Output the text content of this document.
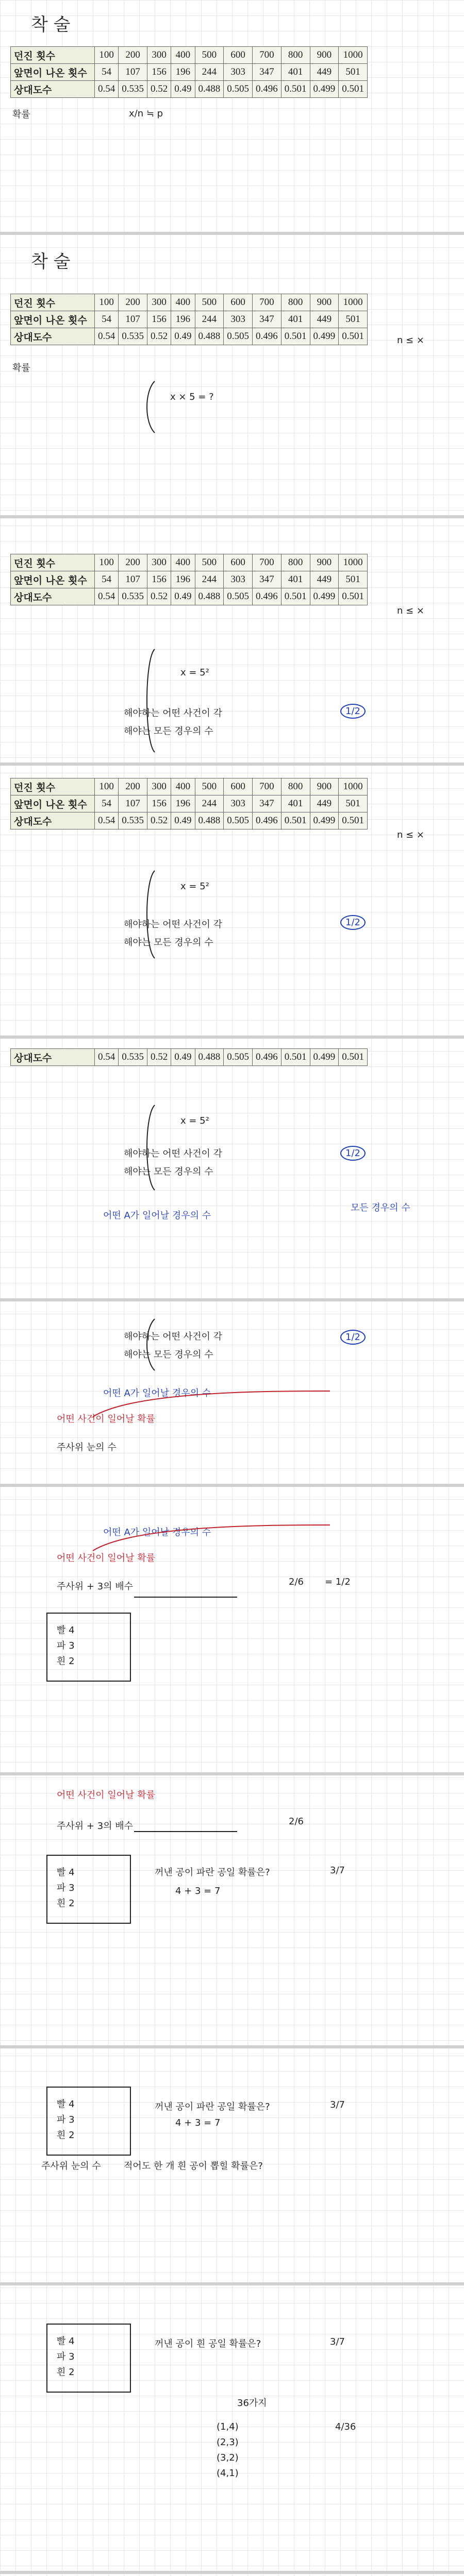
착 술
던진 횟수	100	200	300	400	500	600	700	800	900	1000
앞면이 나온 횟수	54	107	156	196	244	303	347	401	449	501
상대도수	0.54	0.535	0.52	0.49	0.488	0.505	0.496	0.501	0.499	0.501
확률	x/n ≒ p
착 술
던진 횟수	100	200	300	400	500	600	700	800	900	1000
앞면이 나온 횟수	54	107	156	196	244	303	347	401	449	501
상대도수	0.54	0.535	0.52	0.49	0.488	0.505	0.496	0.501	0.499	0.501
확률
x × 5 = ?
n ≤ ×
던진 횟수	100	200	300	400	500	600	700	800	900	1000
앞면이 나온 횟수	54	107	156	196	244	303	347	401	449	501
상대도수	0.54	0.535	0.52	0.49	0.488	0.505	0.496	0.501	0.499	0.501
n ≤ ×
x = 5²
해야하는 어떤 사건이 각
해야는 모든 경우의 수
1/2
던진 횟수	100	200	300	400	500	600	700	800	900	1000
앞면이 나온 횟수	54	107	156	196	244	303	347	401	449	501
상대도수	0.54	0.535	0.52	0.49	0.488	0.505	0.496	0.501	0.499	0.501
n ≤ ×
x = 5²
해야하는 어떤 사건이 각
해야는 모든 경우의 수
1/2
상대도수	0.54	0.535	0.52	0.49	0.488	0.505	0.496	0.501	0.499	0.501
x = 5²
해야하는 어떤 사건이 각
해야는 모든 경우의 수
1/2
어떤 A가 일어날 경우의 수
모든 경우의 수
해야하는 어떤 사건이 각
해야는 모든 경우의 수
1/2
어떤 A가 일어날 경우의 수
어떤 사건이 일어날 확률
주사위 눈의 수
어떤 A가 일어날 경우의 수
어떤 사건이 일어날 확률
주사위 + 3의 배수	2/6 = 1/2
빨 4
파 3
흰 2
어떤 사건이 일어날 확률
주사위 + 3의 배수	2/6
빨 4
파 3
흰 2
꺼낸 공이 파란 공일 확률은?	3/7
4 + 3 = 7
빨 4
파 3
흰 2
꺼낸 공이 파란 공일 확률은?	3/7
4 + 3 = 7
적어도 한 개 흰 공이 뽑힐 확률은?
주사위 눈의 수
빨 4
파 3
흰 2
꺼낸 공이 흰 공일 확률은?	3/7
36가지
(1,4)
(2,3)
(3,2)
(4,1)
4/36
